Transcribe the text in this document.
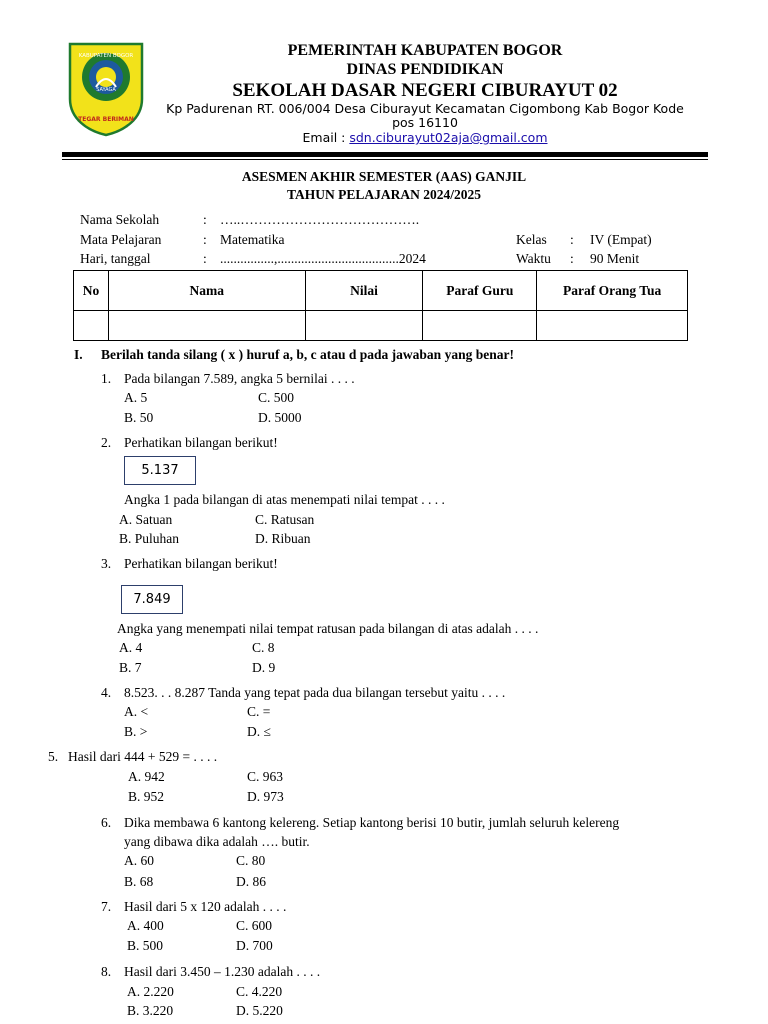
KABUPATEN BOGOR
SAYAGA
TEGAR BERIMAN
PEMERINTAH KABUPATEN BOGOR
DINAS PENDIDIKAN
SEKOLAH DASAR NEGERI CIBURAYUT 02
Kp Padurenan RT. 006/004 Desa Ciburayut Kecamatan Cigombong Kab Bogor Kode
pos 16110
Email : sdn.ciburayut02aja@gmail.com
ASESMEN AKHIR SEMESTER (AAS) GANJIL
TAHUN PELAJARAN 2024/2025
Nama Sekolah	: …..………………………………….
Mata Pelajaran	: Matematika	Kelas : IV (Empat)
Hari, tanggal	: ................,....................................2024	Waktu : 90 Menit
No	Nama	Nilai	Paraf Guru	Paraf Orang Tua

I. Berilah tanda silang ( x ) huruf a, b, c atau d pada jawaban yang benar!
1. Pada bilangan 7.589, angka 5 bernilai . . . .
A. 5	C. 500
B. 50	D. 5000
2. Perhatikan bilangan berikut!
5.137
Angka 1 pada bilangan di atas menempati nilai tempat . . . .
A. Satuan	C. Ratusan
B. Puluhan	D. Ribuan
3. Perhatikan bilangan berikut!
7.849
Angka yang menempati nilai tempat ratusan pada bilangan di atas adalah . . . .
A. 4	C. 8
B. 7	D. 9
4. 8.523. . . 8.287 Tanda yang tepat pada dua bilangan tersebut yaitu . . . .
A. <	C. =
B. >	D. ≤
5. Hasil dari 444 + 529 = . . . .
A. 942	C. 963
B. 952	D. 973
6. Dika membawa 6 kantong kelereng. Setiap kantong berisi 10 butir, jumlah seluruh kelereng
yang dibawa dika adalah …. butir.
A. 60	C. 80
B. 68	D. 86
7. Hasil dari 5 x 120 adalah . . . .
A. 400	C. 600
B. 500	D. 700
8. Hasil dari 3.450 – 1.230 adalah . . . .
A. 2.220	C. 4.220
B. 3.220	D. 5.220
